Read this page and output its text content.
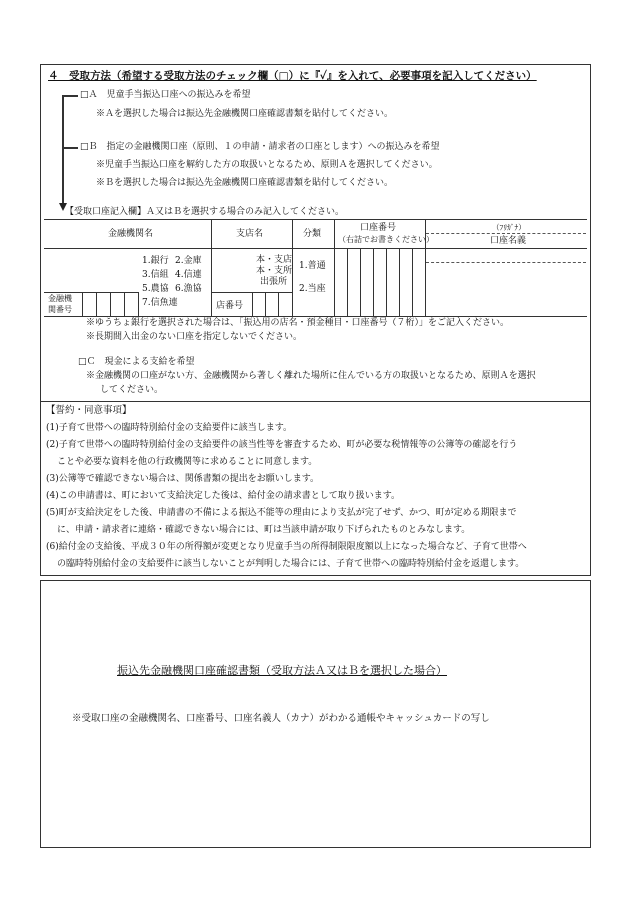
４　受取方法（希望する受取方法のチェック欄（□）に『✓』を入れて、必要事項を記入してください）
□Ａ　児童手当振込口座への振込みを希望
※Ａを選択した場合は振込先金融機関口座確認書類を貼付してください。
□Ｂ　指定の金融機関口座（原則、１の申請・請求者の口座とします）への振込みを希望
※児童手当振込口座を解約した方の取扱いとなるため、原則Ａを選択してください。
※Ｂを選択した場合は振込先金融機関口座確認書類を貼付してください。
【受取口座記入欄】Ａ又はＢを選択する場合のみ記入してください。
金融機関名	支店名	分類
口座番号
（右詰でお書きください）
（ﾌﾘｶﾞﾅ）
口座名義
1.銀行 2.金庫
3.信組 4.信連
5.農協 6.漁協
7.信魚連
金融機
関番号
本・支店
本・支所
出張所
店番号
1.普通
2.当座
※ゆうちょ銀行を選択された場合は、「振込用の店名・預金種目・口座番号（７桁）」をご記入ください。
※長期間入出金のない口座を指定しないでください。
□Ｃ　現金による支給を希望
※金融機関の口座がない方、金融機関から著しく離れた場所に住んでいる方の取扱いとなるため、原則Ａを選択
してください。
【誓約・同意事項】
(1)子育て世帯への臨時特別給付金の支給要件に該当します。
(2)子育て世帯への臨時特別給付金の支給要件の該当性等を審査するため、町が必要な税情報等の公簿等の確認を行う
ことや必要な資料を他の行政機関等に求めることに同意します。
(3)公簿等で確認できない場合は、関係書類の提出をお願いします。
(4)この申請書は、町において支給決定した後は、給付金の請求書として取り扱います。
(5)町が支給決定をした後、申請書の不備による振込不能等の理由により支払が完了せず、かつ、町が定める期限まで
に、申請・請求者に連絡・確認できない場合には、町は当該申請が取り下げられたものとみなします。
(6)給付金の支給後、平成３０年の所得額が変更となり児童手当の所得制限限度額以上になった場合など、子育て世帯へ
の臨時特別給付金の支給要件に該当しないことが判明した場合には、子育て世帯への臨時特別給付金を返還します。
振込先金融機関口座確認書類（受取方法Ａ又はＢを選択した場合）
※受取口座の金融機関名、口座番号、口座名義人（カナ）がわかる通帳やキャッシュカードの写し
